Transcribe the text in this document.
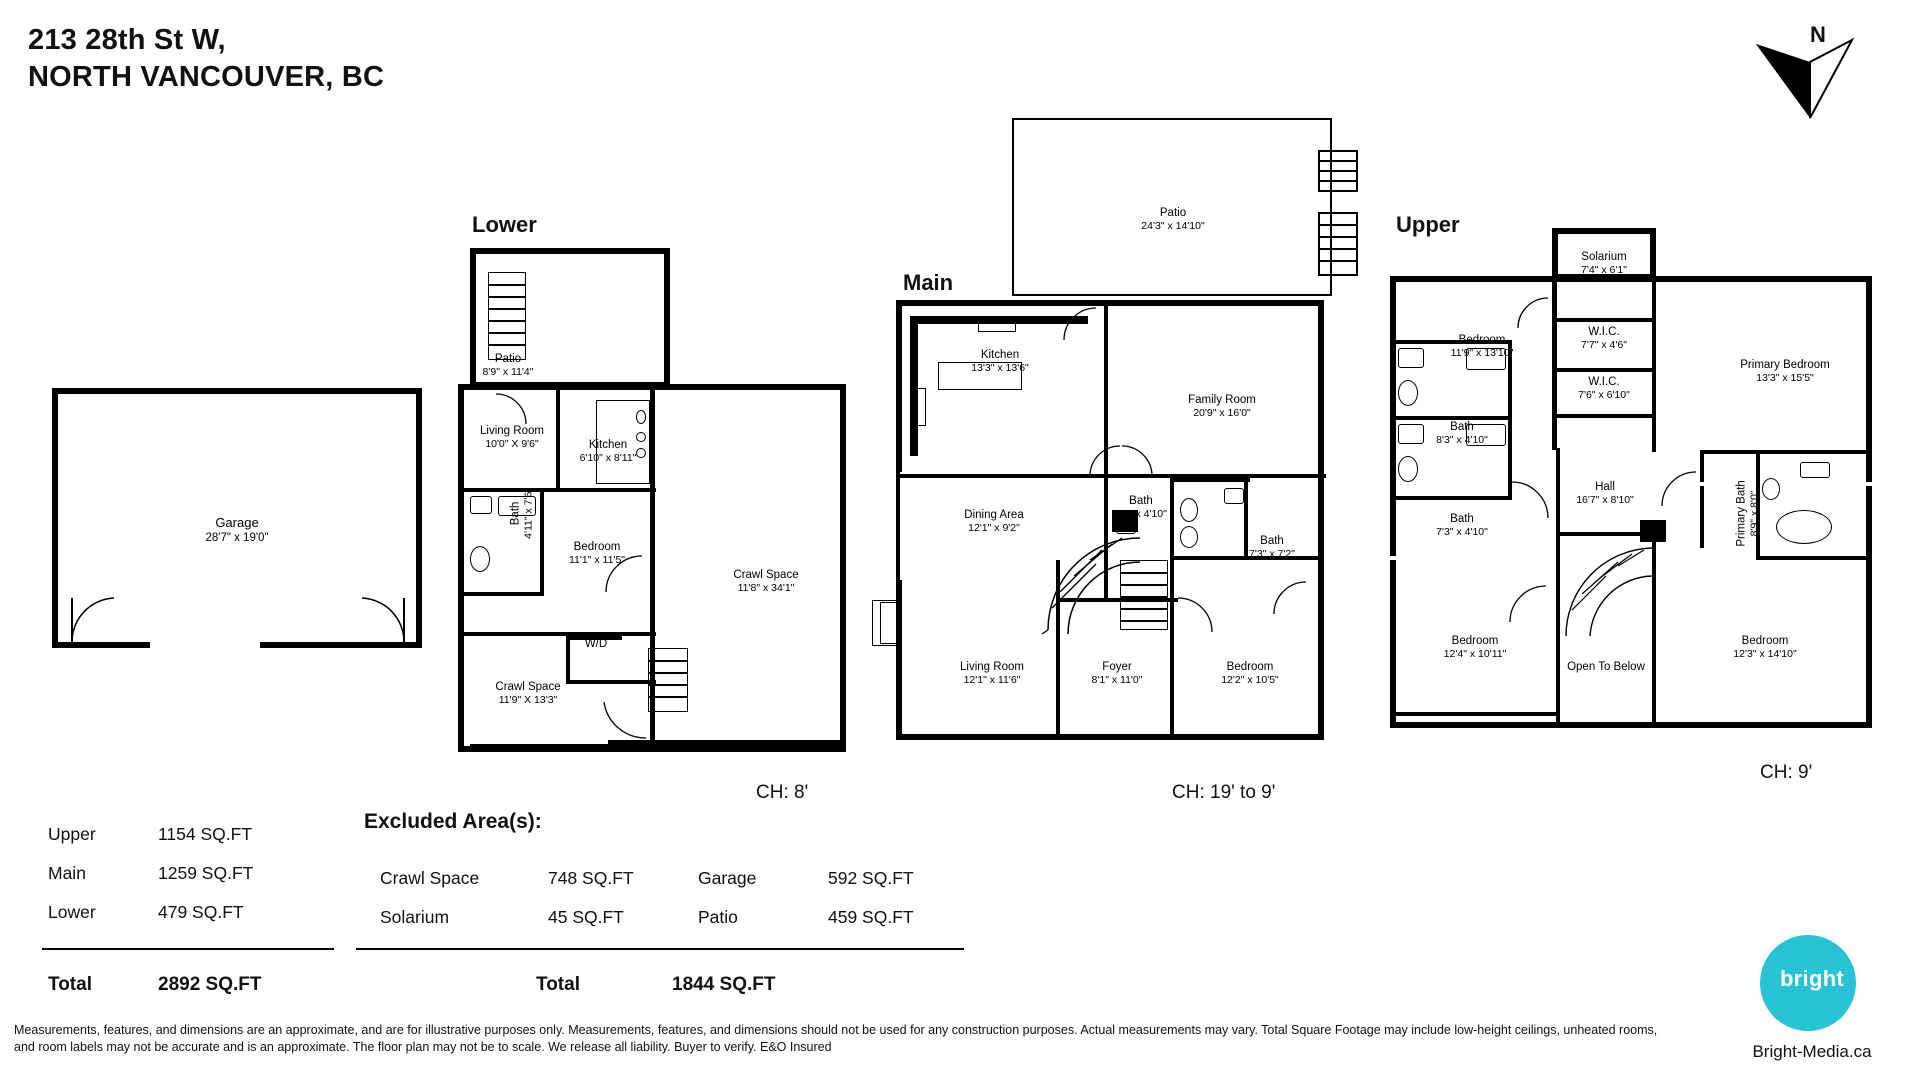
213 28th St W,
NORTH VANCOUVER, BC
N
Garage
28'7" x 19'0"
Lower
Patio
8'9" x 11'4"
Living Room
10'0" X 9'6"	Kitchen
6'10" x 8'11"
Bath 4'11" x 7'6"
Bedroom
11'1" x 11'5"
Crawl Space
11'8" x 34'1"
Crawl Space
11'9" X 13'3"
W/D
CH: 8'
Main
Patio
24'3" x 14'10"
Kitchen
13'3" x 13'6"
Family Room
20'9" x 16'0"
Dining Area
12'1" x 9'2"
Bath
4'6" x 4'10"
Bath
7'3" x 7'2"
Living Room
12'1" x 11'6"
Foyer
8'1" x 11'0"
Bedroom
12'2" x 10'5"
CH: 19' to 9'
Upper
Solarium
7'4" x 6'1"
Bedroom
11'9" x 13'10"
W.I.C.
7'7" x 4'6"
W.I.C.
7'6" x 6'10"
Primary Bedroom
13'3" x 15'5"
Bath
8'3" x 4'10"
Bath
7'3" x 4'10"
Hall
16'7" x 8'10"	Primary Bath 8'9" x 8'0"
Bedroom
12'4" x 10'11"
Open To Below
Bedroom
12'3" x 14'10"
CH: 9'
Upper	1154 SQ.FT
Main	1259 SQ.FT
Lower	479 SQ.FT
Total	2892 SQ.FT
Excluded Area(s):
Crawl Space	748 SQ.FT	Garage	592 SQ.FT
Solarium	45 SQ.FT	Patio	459 SQ.FT
Total	1844 SQ.FT
Measurements, features, and dimensions are an approximate, and are for illustrative purposes only. Measurements, features, and dimensions should not be used for any construction purposes. Actual measurements may vary. Total Square Footage may include low-height ceilings, unheated rooms, and room labels may not be accurate and is an approximate. The floor plan may not be to scale. We release all liability. Buyer to verify. E&O Insured
bright
Bright-Media.ca
